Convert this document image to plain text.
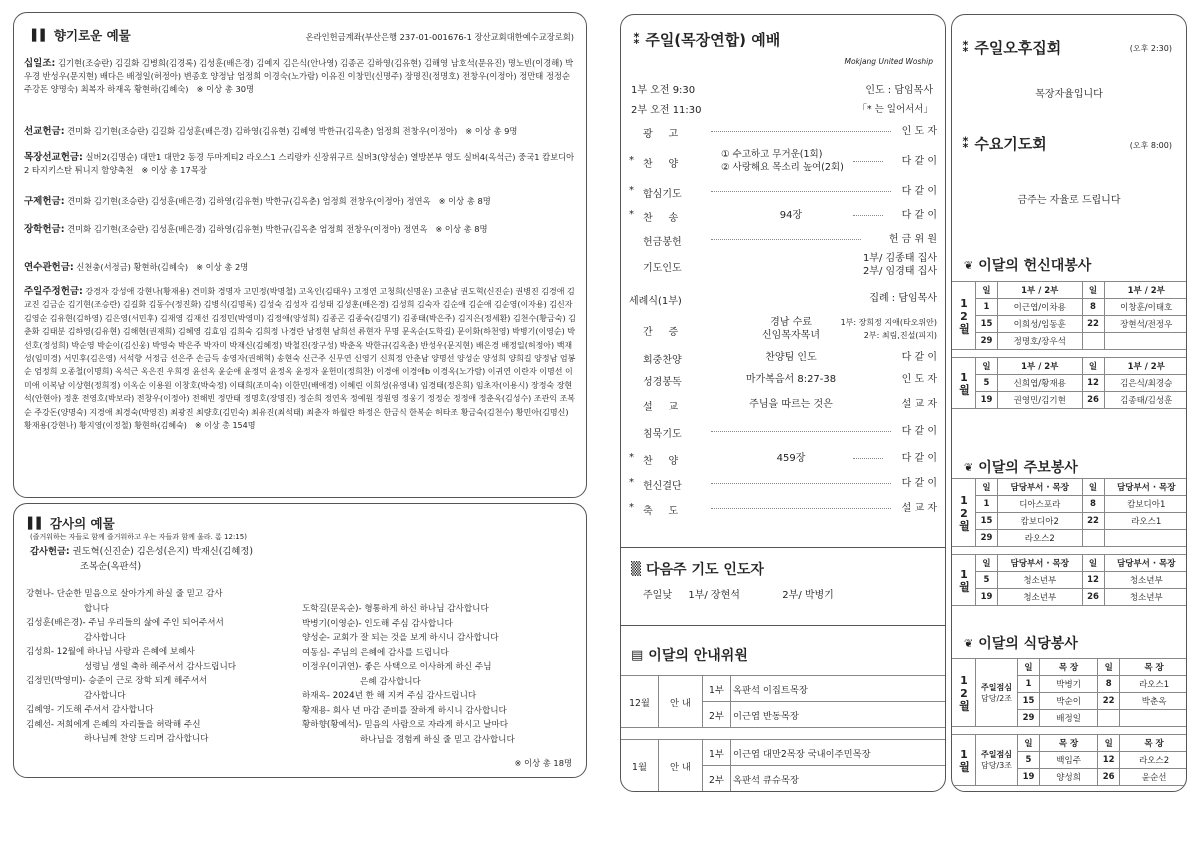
▌▌ 향기로운 예물	온라인헌금계좌(부산은행 237-01-001676-1 장산교회대한예수교장로회)
십일조: 김기현(조승란) 김길화 김병희(김경록) 김성훈(배은경) 김예지 김은식(안나영) 김종곤 김하영(김유현) 김해영 남호석(문유진) 명노빈(이경해) 박우경 반성우(문지현) 배다은 배정일(허정아) 변종호 양정남 엄정희 이경숙(노가람) 이유진 이창민(신명주) 장명진(정명호) 전창우(이정아) 정만태 정정순 주강돈 양명숙) 최복자 하재옥 황현하(김혜숙) ※ 이상 총 30명
선교헌금: 견미화 김기현(조승란) 김길화 김성훈(배은경) 김하영(김유현) 김혜영 박한규(김옥춘) 엄정희 전창우(이정아) ※ 이상 총 9명
목장선교헌금: 실버2(김명순) 대만1 대만2 동경 두마게티2 라오스1 스리랑카 신장위구르 실버3(양성순) 열방본부 영도 실버4(옥석근) 중국1 캄보디아2 타지키스탄 튀니지 함양축천 ※ 이상 총 17목장
구제헌금: 견미화 김기현(조승란) 김성훈(배은경) 김하영(김유현) 박한규(김옥춘) 엄정희 전창우(이정아) 정연옥 ※ 이상 총 8명
장학헌금: 견미화 김기현(조승란) 김성훈(배은경) 김하영(김유현) 박한규(김옥춘 엄정희 전창우(이정아) 정연옥 ※ 이상 총 8명
연수관헌금: 신천충(서정금) 황현하(김혜숙) ※ 이상 총 2명
주일주정헌금: 강경자 강성애 강현나(황재용) 견미화 경명자 고민정(박명철) 고옥인(김태우) 고정연 고청희(신명운) 고춘남 권도혁(신진순) 권병진 김경애 김교진 김금순 김기현(조승란) 김길화 김동수(정진화) 김병식(김명록) 김성숙 김성자 김성태 김성훈(배은경) 김성희 김숙자 김순애 김순애 김순영(이자용) 김신자 김영순 김유현(김하영) 김은영(서민후) 김재영 김재선 김정민(박영미) 김정애(양성희) 김종곤 김종숙(김명기) 김종태(박은주) 김지은(정세환) 김천수(황금숙) 김춘화 김태분 김하영(김유현) 김해현(권재희) 김혜영 김효임 김희숙 김희정 나경란 남정현 남희선 류현자 무명 문옥순(도학길) 문이화(하천영) 박병기(이영순) 박선호(정성희) 박순영 박순이(김신웅) 박영숙 박은주 박자미 박재신(김혜정) 박철진(장구성) 박춘옥 박한규(김옥춘) 반성우(문지현) 배은경 배정일(허정아) 백재성(임미경) 서민후(김은영) 서석향 서정금 선은주 손금득 송영자(권해혁) 송현숙 신근주 신무연 신영기 신희정 안춘남 양명선 양성순 양성희 양희길 양정남 엄봉순 엄정희 오종철(이명희) 옥석근 옥은진 우희경 윤선옥 윤순애 윤정덕 윤정옥 윤정자 윤헌미(정희찬) 이경애 이경애b 이경옥(노가람) 이귀연 이란자 이명선 이미애 이복남 이상현(정희정) 이옥순 이용원 이창호(박숙정) 이태희(조미숙) 이한민(배애경) 이혜린 이희성(유영내) 임경태(정은희) 임초자(이용시) 장정숙 장현석(안현아) 정훈 전영호(박보라) 전창우(이정아) 전해빈 정만태 정명호(장명진) 정순희 정연옥 정예원 정원영 정웅기 정정순 정정애 정춘옥(김성수) 조관익 조복순 주강돈(양명숙) 지경애 최경숙(박영진) 최광진 최량호(김민숙) 최유진(최석태) 최춘자 하월란 하정은 한금식 한복순 허타조 황금숙(김천수) 황민아(김명신) 황재용(강현나) 황지영(이정철) 황현하(김혜숙) ※ 이상 총 154명
▌▌ 감사의 예물
(즐거워하는 자들로 함께 즐거워하고 우는 자들과 함께 울라. 롬 12:15)
감사헌금: 권도혁(신진순) 김은성(은지) 박재신(김혜정)
조복순(옥판석)
강현나- 단순한 믿음으로 살아가게 하실 줄 믿고 감사
합니다
김성훈(배은경)- 주님 우리들의 삶에 주인 되어주셔서
감사합니다
김성희- 12월에 하나님 사랑과 은혜에 보혜사
성령님 생일 축하 해주셔서 감사드립니다
김정민(박영미)- 승준이 근로 장학 되게 해주셔서
감사합니다
김혜영- 기도해 주셔서 감사합니다
김혜선- 저희에게 은혜의 자리들을 허락해 주신
하나님께 찬양 드리며 감사합니다
도학길(문옥순)- 형통하게 하신 하나님 감사합니다
박병기(이영순)- 인도해 주심 감사합니다
양성순- 교회가 잘 되는 것을 보게 하시니 감사합니다
여동심- 주님의 은혜에 감사를 드립니다
이정우(이귀연)- 좋은 사택으로 이사하게 하신 주님
은혜 감사합니다
하재옥- 2024년 한 해 지켜 주심 감사드립니다
황재용- 회사 년 마감 준비를 잘하게 하시니 감사합니다
황하향(황예석)- 믿음의 사람으로 자라게 하시고 날마다
하나님을 경험케 하실 줄 믿고 감사합니다
※ 이상 총 18명
⁑ 주일(목장연합) 예배
Mokjang United Woship
1부 오전 9:30
2부 오전 11:30
인도 : 담임목사
「* 는 일어서서」
광     고	인 도 자
* 찬     양
① 수고하고 무거운(1회)
② 사랑해요 목소리 높여(2회)
다 같 이
* 합심기도	다 같 이
* 찬     송	94장	다 같 이
헌금봉헌	헌 금 위 원
기도인도
1부/ 김종태 집사
2부/ 임경태 집사
세례식(1부)	집례 : 담임목사
간     증
경남 수료
신임목자목녀
1부: 장희정 지애(타오위안)
2부: 최림,진설(피지)
회중찬양	찬양팀 인도	다 같 이
성경봉독	마가복음서 8:27-38	인 도 자
설     교	주님을 따르는 것은	설 교 자
침묵기도	다 같 이
* 찬     양	459장	다 같 이
* 헌신결단	다 같 이
* 축     도	설 교 자
▒ 다음주 기도 인도자
주일낮 1부/ 장현석	2부/ 박병기
▤ 이달의 안내위원
12월	안 내	1부	옥판석 이집트목장
		2부	이근엽 반동목장

1월	안 내	1부	이근엽 대만2목장 국내이주민목장
		2부	옥판석 큐슈목장
⁑ 주일오후집회	(오후 2:30)
목장자율입니다
⁑ 수요기도회	(오후 8:00)
금주는 자율로 드립니다
❦ 이달의 헌신대봉사
12월	일	1부 / 2부	일	1부 / 2부
	1	이근엽/이차용	8	이창훈/이태호
	15	이희성/임동훈	22	장현석/전정우
	29	정명호/장우석		
1월	일	1부 / 2부	일	1부 / 2부
	5	신희엽/황재용	12	김은식/최경승
	19	권영민/김기현	26	김종태/김성훈
❦ 이달의 주보봉사
12월	일	담당부서 · 목장	일	담당부서 · 목장
	1	디아스포라	8	캄보디아1
	15	캄보디아2	22	라오스1
	29	라오스2		
1월	일	담당부서 · 목장	일	담당부서 · 목장
	5	청소년부	12	청소년부
	19	청소년부	26	청소년부
❦ 이달의 식당봉사
12월	주일점심
담당/2조	일	목 장	일	목 장
		1	박병기	8	라오스1
		15	박순이	22	박춘옥
		29	배정일		
1월	주일점심
담당/3조	일	목 장	일	목 장
		5	백임주	12	라오스2
		19	양성희	26	윤순선
